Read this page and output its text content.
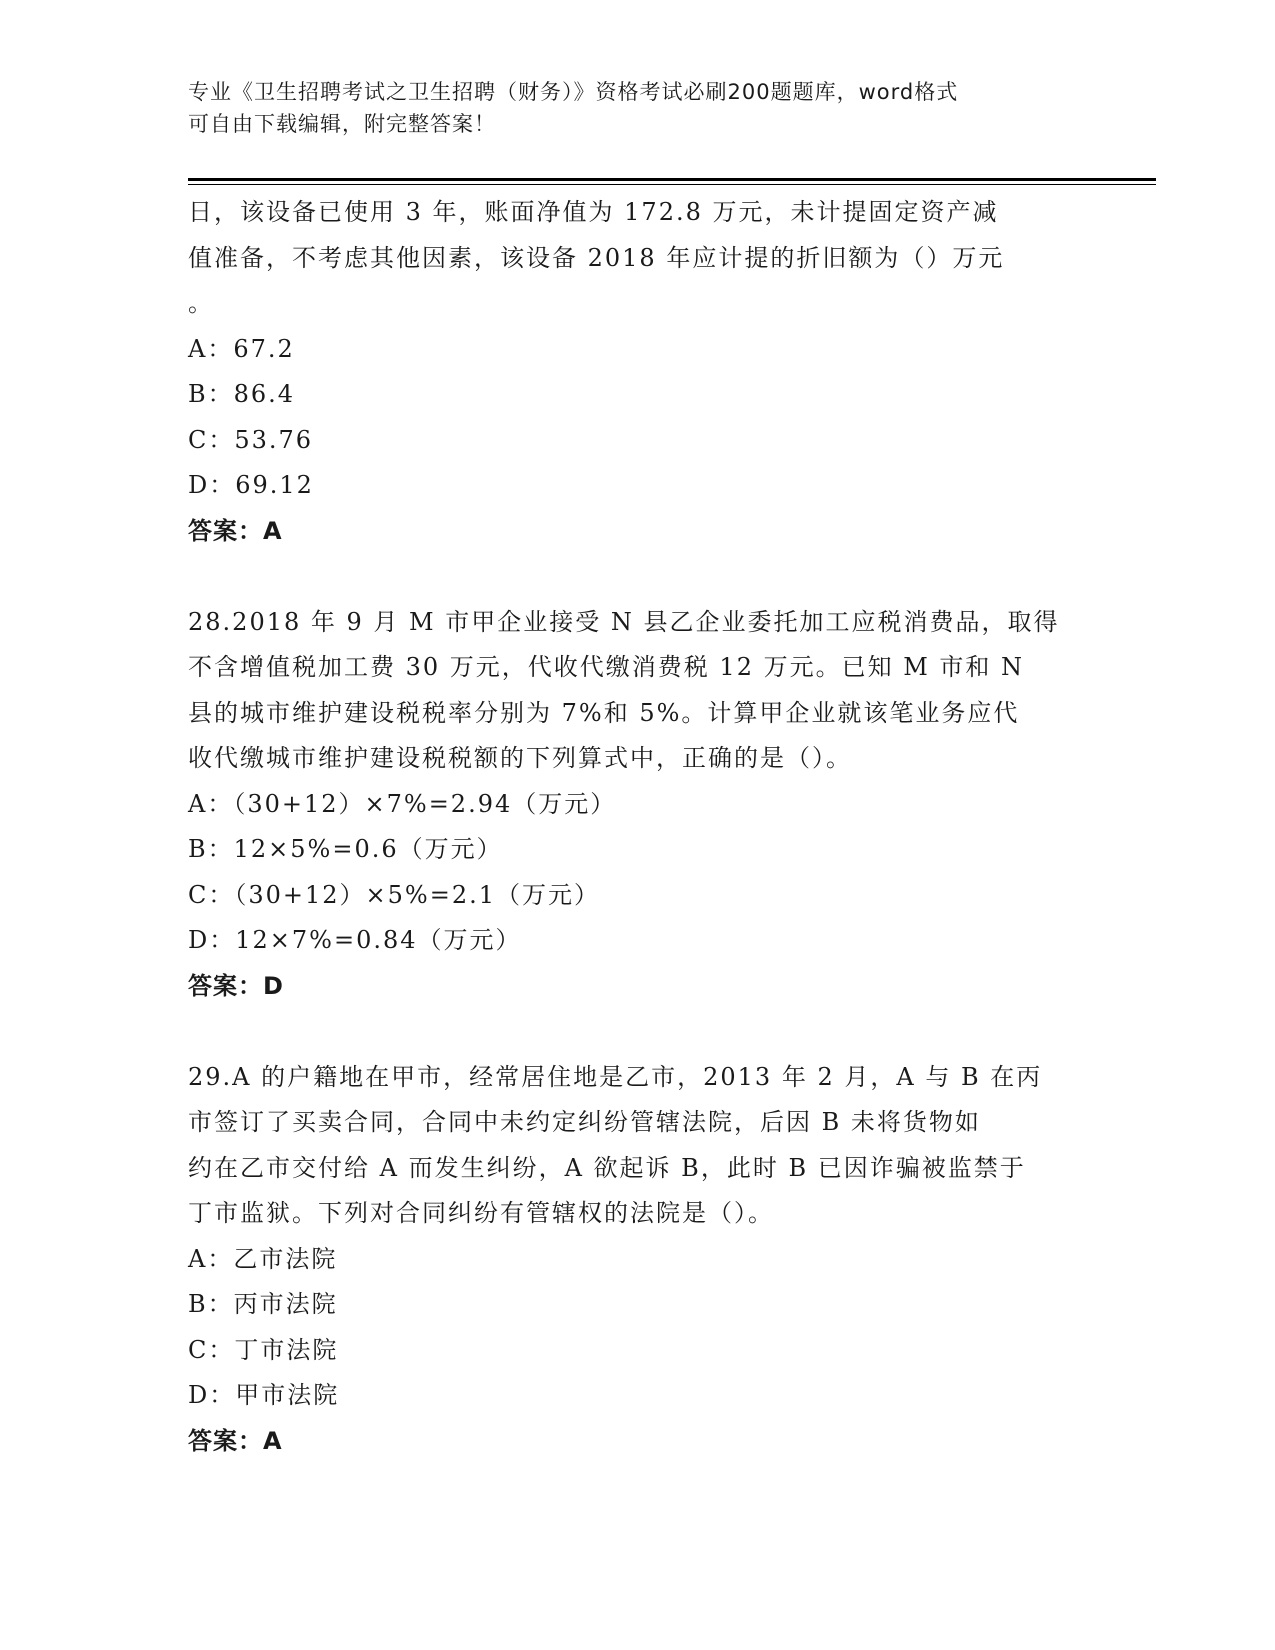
专业《卫生招聘考试之卫生招聘（财务）》资格考试必刷200题题库，word格式
可自由下载编辑，附完整答案！
日，该设备已使用 3 年，账面净值为 172.8 万元，未计提固定资产减
值准备，不考虑其他因素，该设备 2018 年应计提的折旧额为（）万元
。
A：67.2
B：86.4
C：53.76
D：69.12
答案：A
28.2018 年 9 月 M 市甲企业接受 N 县乙企业委托加工应税消费品，取得
不含增值税加工费 30 万元，代收代缴消费税 12 万元。已知 M 市和 N
县的城市维护建设税税率分别为 7%和 5%。计算甲企业就该笔业务应代
收代缴城市维护建设税税额的下列算式中，正确的是（）。
A：（30+12）×7%=2.94（万元）
B：12×5%=0.6（万元）
C：（30+12）×5%=2.1（万元）
D：12×7%=0.84（万元）
答案：D
29.A 的户籍地在甲市，经常居住地是乙市，2013 年 2 月，A 与 B 在丙
市签订了买卖合同，合同中未约定纠纷管辖法院，后因 B 未将货物如
约在乙市交付给 A 而发生纠纷，A 欲起诉 B，此时 B 已因诈骗被监禁于
丁市监狱。下列对合同纠纷有管辖权的法院是（）。
A：乙市法院
B：丙市法院
C：丁市法院
D：甲市法院
答案：A
